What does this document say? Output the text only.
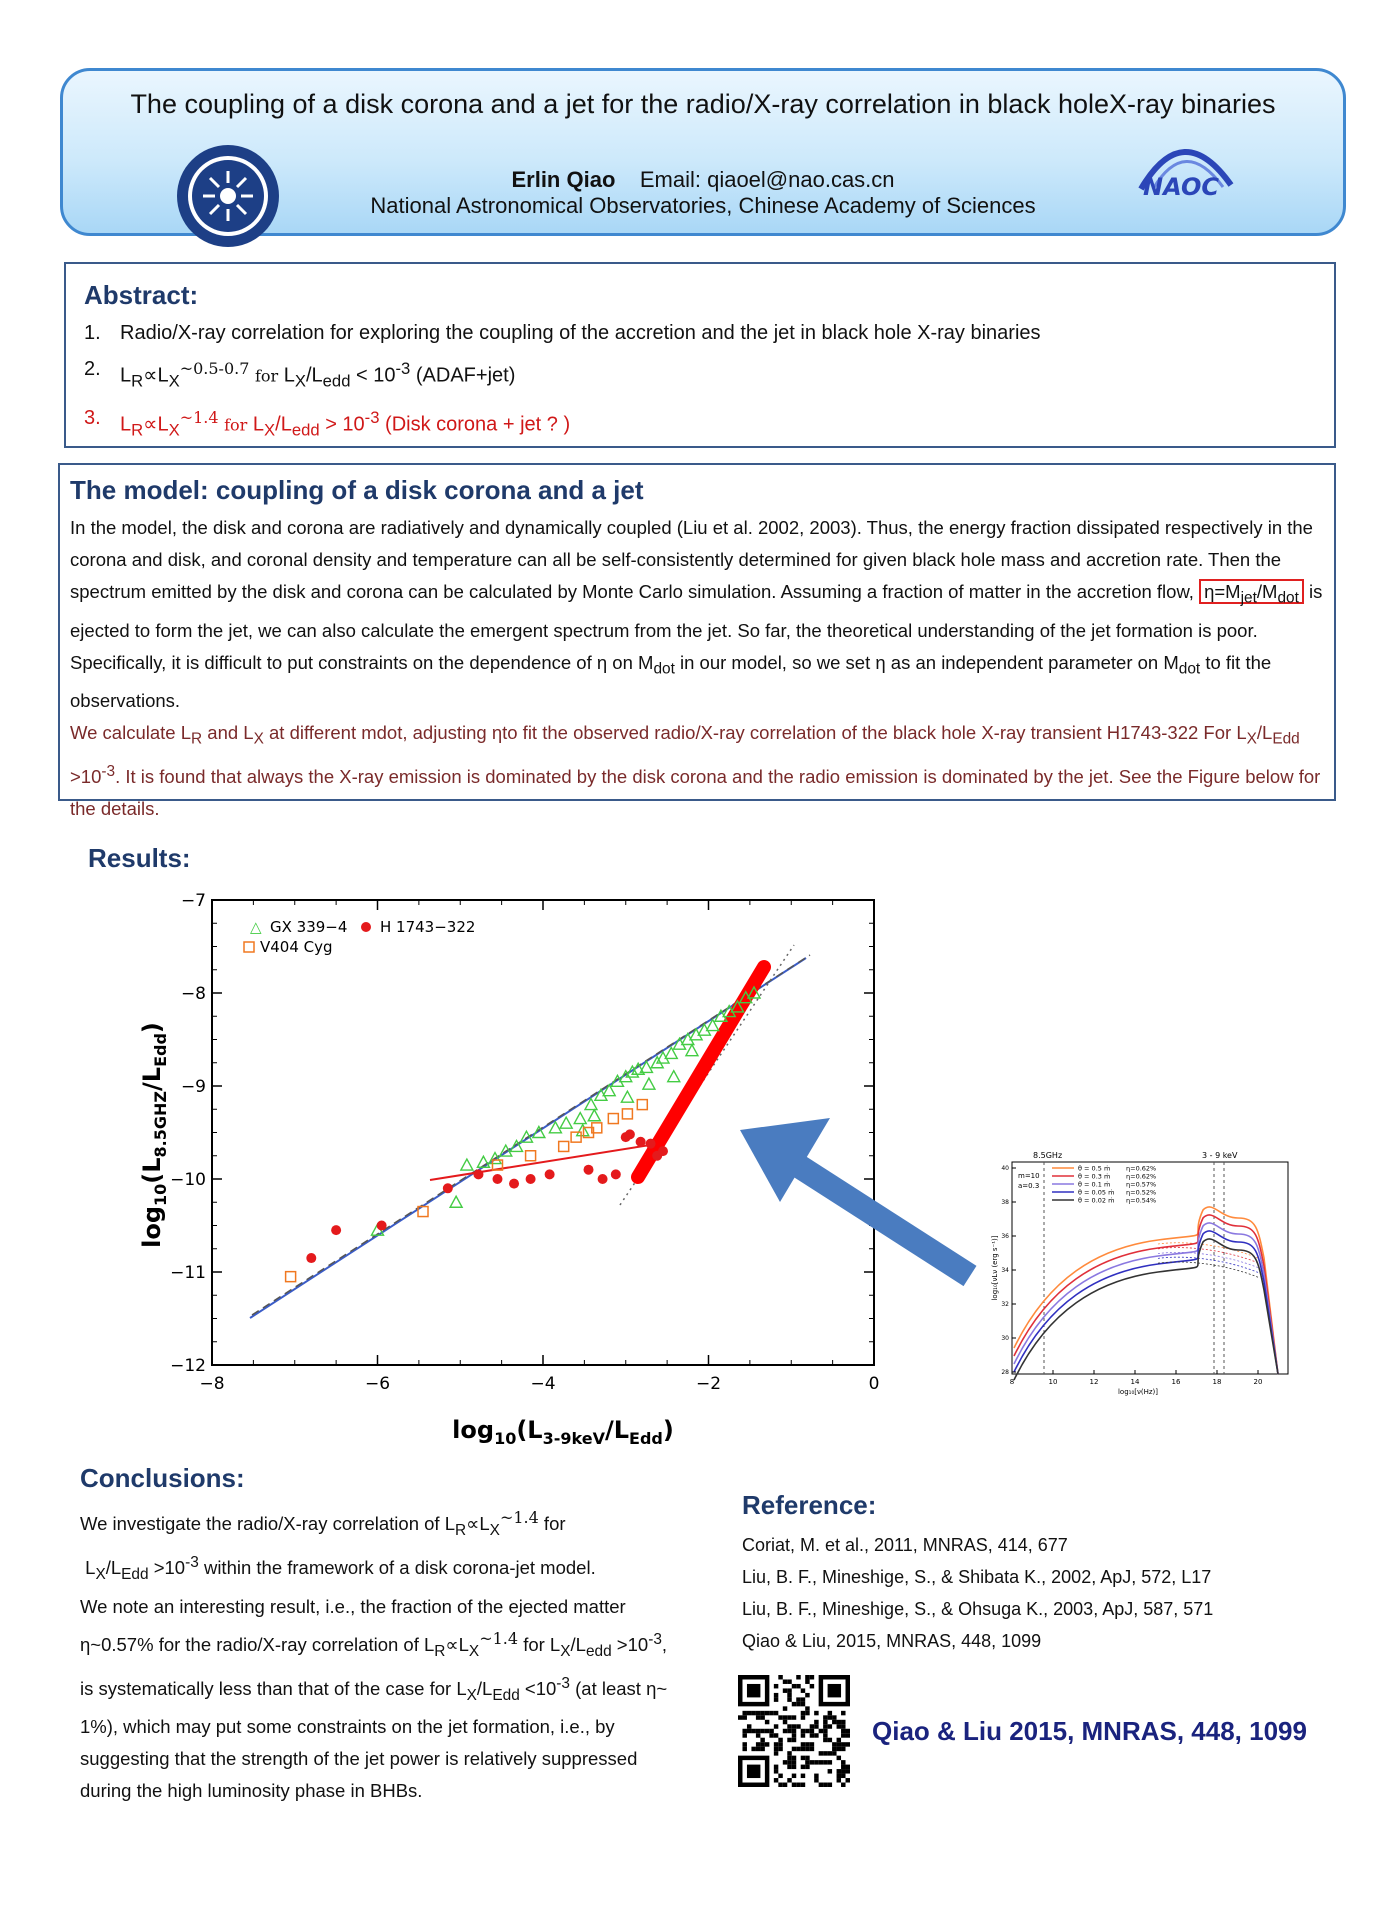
The coupling of a disk corona and a jet for the radio/X-ray correlation in black holeX-ray binaries
Erlin Qiao Email: qiaoel@nao.cas.cn
National Astronomical Observatories, Chinese Academy of Sciences
NAOC
Abstract:
1. Radio/X-ray correlation for exploring the coupling of the accretion and the jet in black hole X-ray binaries
2. $L_R\propto L_X^{\sim 0.5-0.7}$ for $L_X/L_{edd} < 10^{-3}$ (ADAF+jet)
3. $L_R\propto L_X^{\sim 1.4}$ for $L_X/L_{edd} > 10^{-3}$ (Disk corona + jet ? )
The model: coupling of a disk corona and a jet
In the model, the disk and corona are radiatively and dynamically coupled (Liu et al. 2002, 2003). Thus, the energy fraction dissipated respectively in the corona and disk, and coronal density and temperature can all be self-consistently determined for given black hole mass and accretion rate. Then the spectrum emitted by the disk and corona can be calculated by Monte Carlo simulation. Assuming a fraction of matter in the accretion flow, $\eta=M_{jet}/M_{dot}$ is ejected to form the jet, we can also calculate the emergent spectrum from the jet. So far, the theoretical understanding of the jet formation is poor. Specifically, it is difficult to put constraints on the dependence of η on $M_{dot}$ in our model, so we set η as an independent parameter on $M_{dot}$ to fit the observations.
We calculate $L_R$ and $L_X$ at different mdot, adjusting ηto fit the observed radio/X-ray correlation of the black hole X-ray transient H1743-322 For $L_X/L_{Edd} >10^{-3}$. It is found that always the X-ray emission is dominated by the disk corona and the radio emission is dominated by the jet. See the Figure below for the details.
Results:
−8	−6	−4	−2	0
−12
−11
−10
−9
−8
−7
△ GX 339−4 H 1743−322
V404 Cyg
$\log_{10}(L_{3-9keV}/L_{Edd})$
$\log_{10}(L_{8.5GHZ}/L_{Edd})$
8.5GHz	3 - 9 keV
m=10
a=0.3
θ = 0.5 ṁ η=0.62%
θ = 0.3 ṁ η=0.62%
θ = 0.1 ṁ η=0.57%
θ = 0.05 ṁ η=0.52%
θ = 0.02 ṁ η=0.54%
8	10	12	14	16	18	20
28
30
32
34
36
38
40
log₁₀[ν(Hz)]
log₁₀[νLν (erg s⁻¹)]
Conclusions:
We investigate the radio/X-ray correlation of $L_R\propto L_X^{\sim 1.4}$ for
$L_X/L_{Edd} >10^{-3}$ within the framework of a disk corona-jet model.
We note an interesting result, i.e., the fraction of the ejected matter
η~0.57% for the radio/X-ray correlation of $L_R\propto L_X^{\sim 1.4}$ for $L_X/L_{edd} >10^{-3}$,
is systematically less than that of the case for $L_X/L_{Edd} <10^{-3}$ (at least η~
1%), which may put some constraints on the jet formation, i.e., by
suggesting that the strength of the jet power is relatively suppressed
during the high luminosity phase in BHBs.
Reference:
Coriat, M. et al., 2011, MNRAS, 414, 677
Liu, B. F., Mineshige, S., & Shibata K., 2002, ApJ, 572, L17
Liu, B. F., Mineshige, S., & Ohsuga K., 2003, ApJ, 587, 571
Qiao & Liu, 2015, MNRAS, 448, 1099
Qiao & Liu 2015, MNRAS, 448, 1099
